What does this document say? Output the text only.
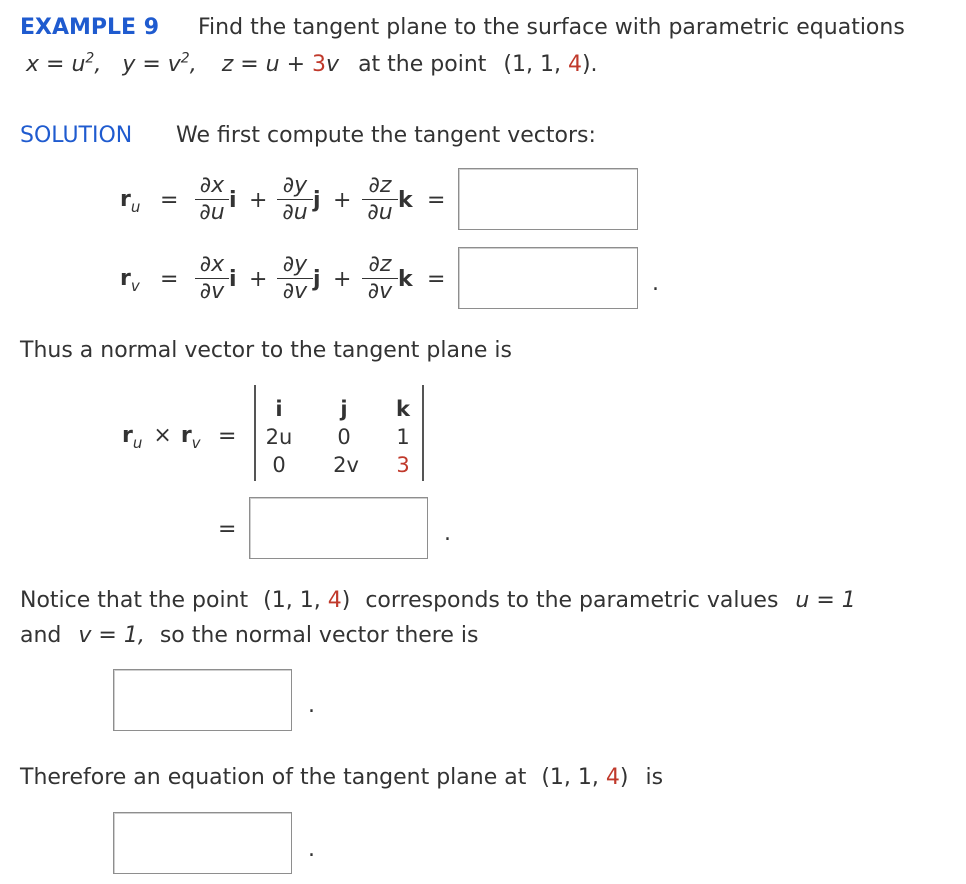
EXAMPLE 9 Find the tangent plane to the surface with parametric equations
$x = u^2$, $y = v^2$, z = u + 3v at the point (1, 1, 4).
SOLUTION We first compute the tangent vectors:
$r_u$ =
∂x
∂u i +
∂y
∂u j +
∂z
∂u k =
$r_v$ =
∂x
∂v i +
∂y
∂v j +
∂z
∂v k =	.
Thus a normal vector to the tangent plane is
$r_u \times r_v$ =
i	j	k
2u	0	1
0	2v	3
=	.
Notice that the point (1, 1, 4) corresponds to the parametric values u = 1
and v = 1, so the normal vector there is
.
Therefore an equation of the tangent plane at (1, 1, 4) is
.
